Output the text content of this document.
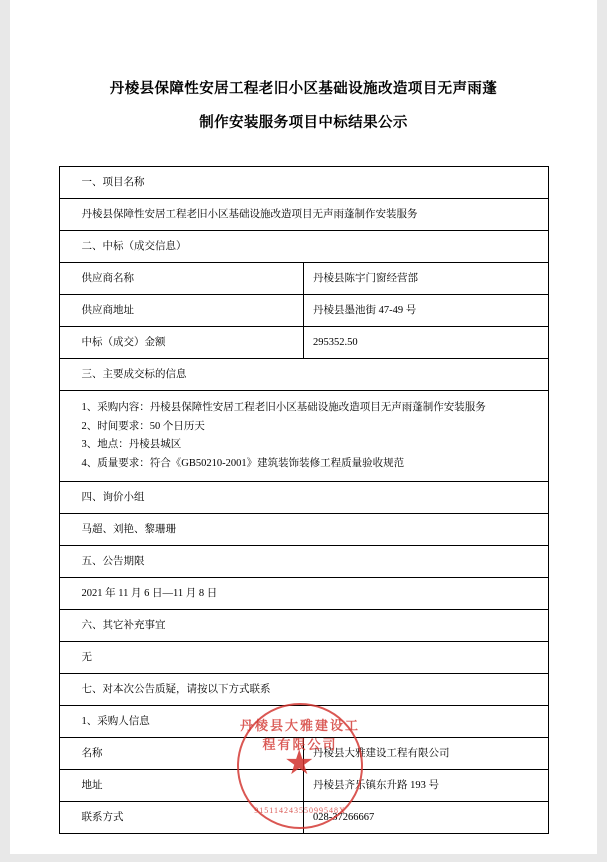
丹棱县保障性安居工程老旧小区基础设施改造项目无声雨蓬
制作安装服务项目中标结果公示
一、项目名称	
丹棱县保障性安居工程老旧小区基础设施改造项目无声雨蓬制作安装服务	
二、中标（成交信息）	
供应商名称	丹棱县陈宇门窗经营部
供应商地址	丹棱县墨池街 47-49 号
中标（成交）金额	295352.50
三、主要成交标的信息	

1、采购内容：丹棱县保障性安居工程老旧小区基础设施改造项目无声雨蓬制作安装服务
2、时间要求：50 个日历天
3、地点：丹棱县城区
4、质量要求：符合《GB50210-2001》建筑装饰装修工程质量验收规范	

四、询价小组	
马超、刘艳、黎珊珊	
五、公告期限	
2021 年 11 月 6 日—11 月 8 日	
六、其它补充事宜	
无	
七、对本次公告质疑，请按以下方式联系	
1、采购人信息	
名称	丹棱县大雅建设工程有限公司
地址	丹棱县齐乐镇东升路 193 号
联系方式	028-37266667
丹棱县大雅建设工程有限公司
★
91511424355099548X
